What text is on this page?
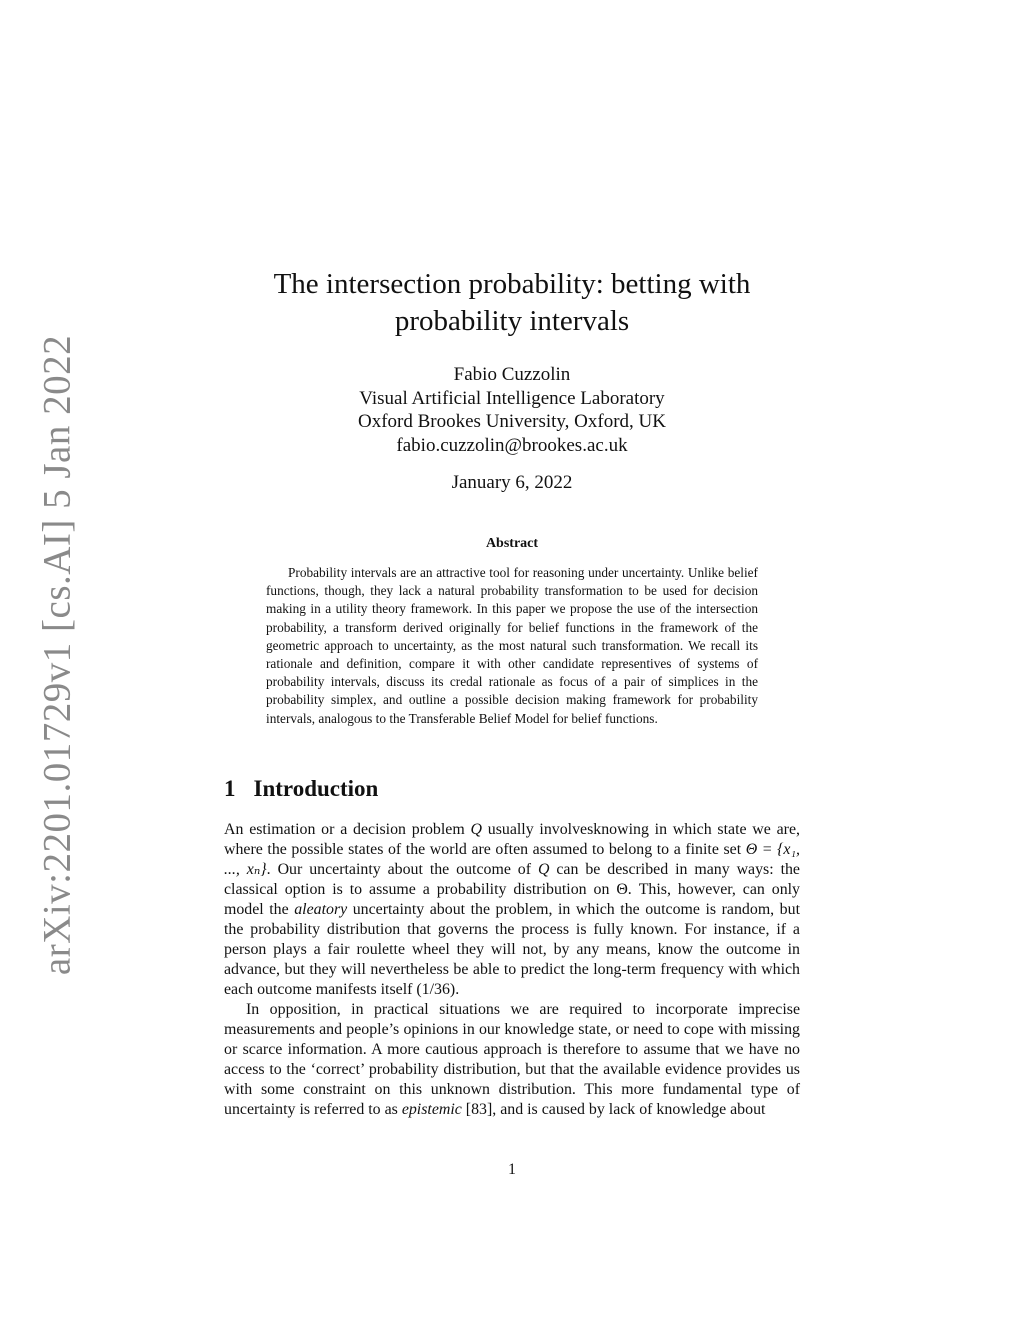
arXiv:2201.01729v1 [cs.AI] 5 Jan 2022
The intersection probability: betting with probability intervals
Fabio Cuzzolin
Visual Artificial Intelligence Laboratory
Oxford Brookes University, Oxford, UK
fabio.cuzzolin@brookes.ac.uk
January 6, 2022
Abstract
Probability intervals are an attractive tool for reasoning under uncertainty. Unlike belief functions, though, they lack a natural probability transformation to be used for decision making in a utility theory framework. In this paper we propose the use of the intersection probability, a transform derived originally for belief functions in the framework of the geometric approach to uncertainty, as the most natural such transformation. We recall its rationale and definition, compare it with other candidate representives of systems of probability intervals, discuss its credal rationale as focus of a pair of simplices in the probability simplex, and outline a possible decision making framework for probability intervals, analogous to the Transferable Belief Model for belief functions.
1 Introduction

An estimation or a decision problem Q usually involvesknowing in which state we are, where the possible states of the world are often assumed to belong to a finite set Θ = {x₁, ..., xₙ}. Our uncertainty about the outcome of Q can be described in many ways: the classical option is to assume a probability distribution on Θ. This, however, can only model the aleatory uncertainty about the problem, in which the outcome is random, but the probability distribution that governs the process is fully known. For instance, if a person plays a fair roulette wheel they will not, by any means, know the outcome in advance, but they will nevertheless be able to predict the long-term frequency with which each outcome manifests itself (1/36).

In opposition, in practical situations we are required to incorporate imprecise measurements and people’s opinions in our knowledge state, or need to cope with missing or scarce information. A more cautious approach is therefore to assume that we have no access to the ‘correct’ probability distribution, but that the available evidence provides us with some constraint on this unknown distribution. This more fundamental type of uncertainty is referred to as epistemic [83], and is caused by lack of knowledge about

1
